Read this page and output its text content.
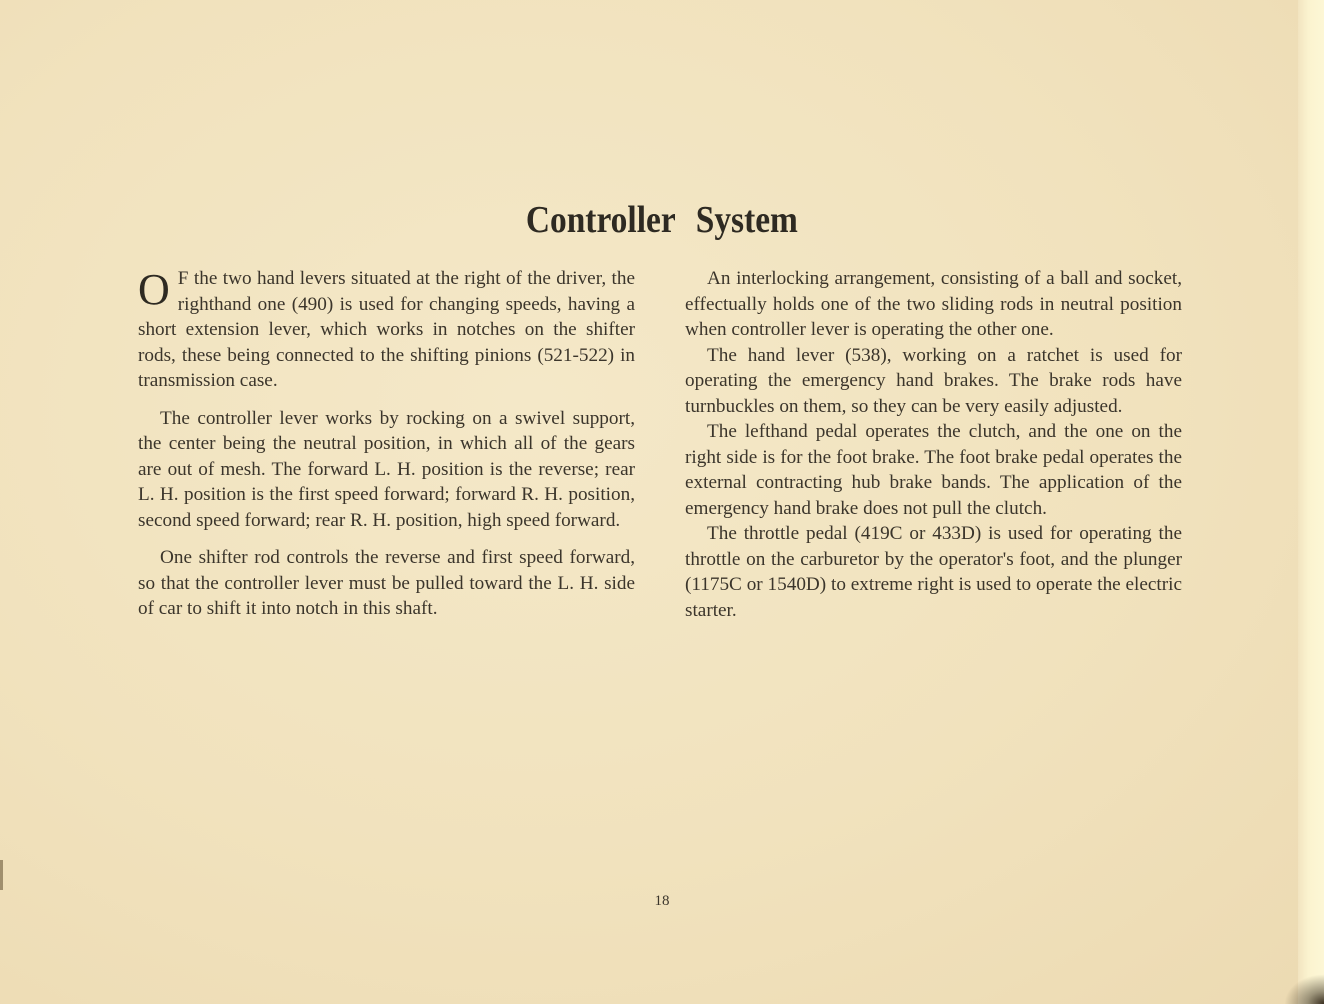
Controller System

O F the two hand levers situated at the right of the driver, the righthand one (490) is used for changing speeds, having a short extension lever, which works in notches on the shifter rods, these being connected to the shifting pinions (521-522) in transmission case.

The controller lever works by rocking on a swivel support, the center being the neutral position, in which all of the gears are out of mesh. The forward L. H. position is the reverse; rear L. H. position is the first speed forward; forward R. H. position, second speed forward; rear R. H. position, high speed forward.

One shifter rod controls the reverse and first speed forward, so that the controller lever must be pulled toward the L. H. side of car to shift it into notch in this shaft.

An interlocking arrangement, consisting of a ball and socket, effectually holds one of the two sliding rods in neutral position when controller lever is operating the other one.

The hand lever (538), working on a ratchet is used for operating the emergency hand brakes. The brake rods have turnbuckles on them, so they can be very easily adjusted.

The lefthand pedal operates the clutch, and the one on the right side is for the foot brake. The foot brake pedal operates the external contracting hub brake bands. The application of the emergency hand brake does not pull the clutch.

The throttle pedal (419C or 433D) is used for operating the throttle on the carburetor by the operator's foot, and the plunger (1175C or 1540D) to extreme right is used to operate the electric starter.

18
